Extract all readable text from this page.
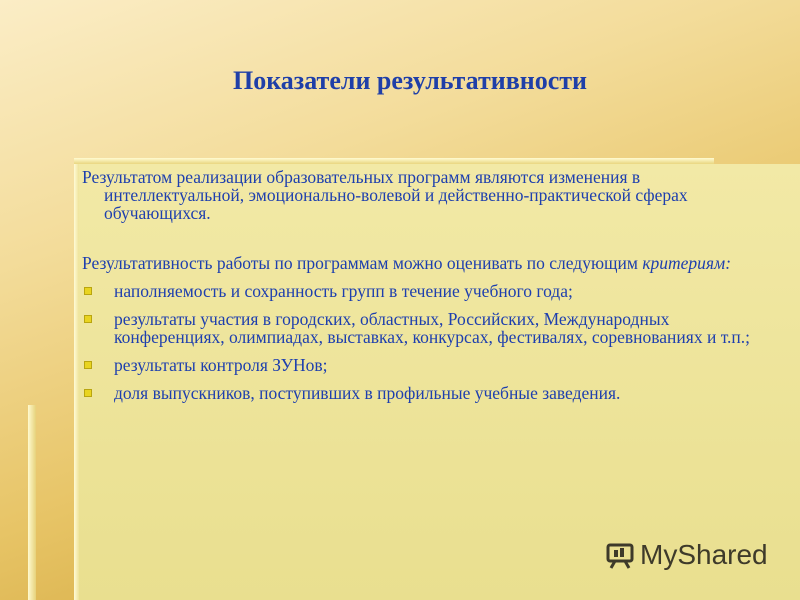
Показатели результативности

Результатом реализации образовательных программ являются изменения в интеллектуальной, эмоционально-волевой и действенно-практической сферах обучающихся.

Результативность работы по программам можно оценивать по следующим критериям:

наполняемость и сохранность групп в течение учебного года;
результаты участия в городских, областных, Российских, Международных конференциях, олимпиадах, выставках, конкурсах, фестивалях, соревнованиях и т.п.;
результаты контроля ЗУНов;
доля выпускников, поступивших в профильные учебные заведения.
MyShared
